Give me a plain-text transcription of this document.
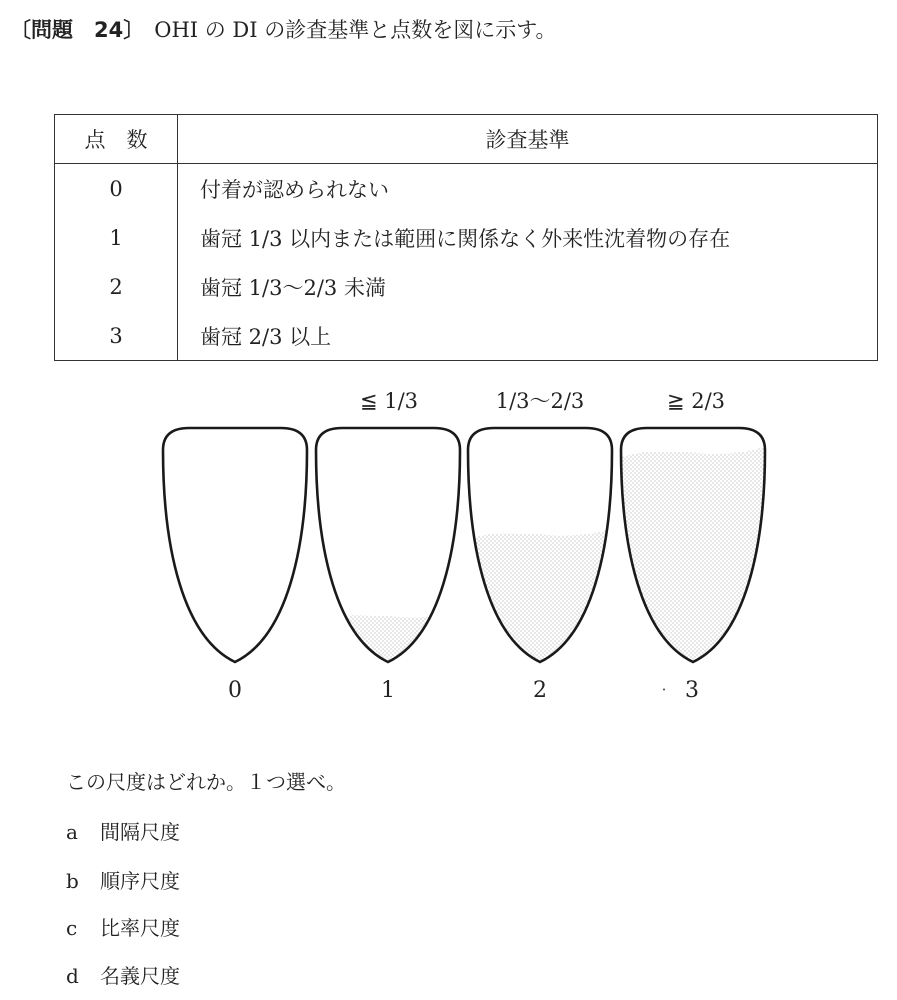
〔問題　24〕 OHI の DI の診査基準と点数を図に示す。
点　数	診査基準
0	付着が認められない
1	歯冠 1/3 以内または範囲に関係なく外来性沈着物の存在
2	歯冠 1/3〜2/3 未満
3	歯冠 2/3 以上
≦ 1/3	1/3〜2/3	≧ 2/3
0	1	2	· 3
この尺度はどれか。１つ選べ。
a 間隔尺度
b 順序尺度
c 比率尺度
d 名義尺度
